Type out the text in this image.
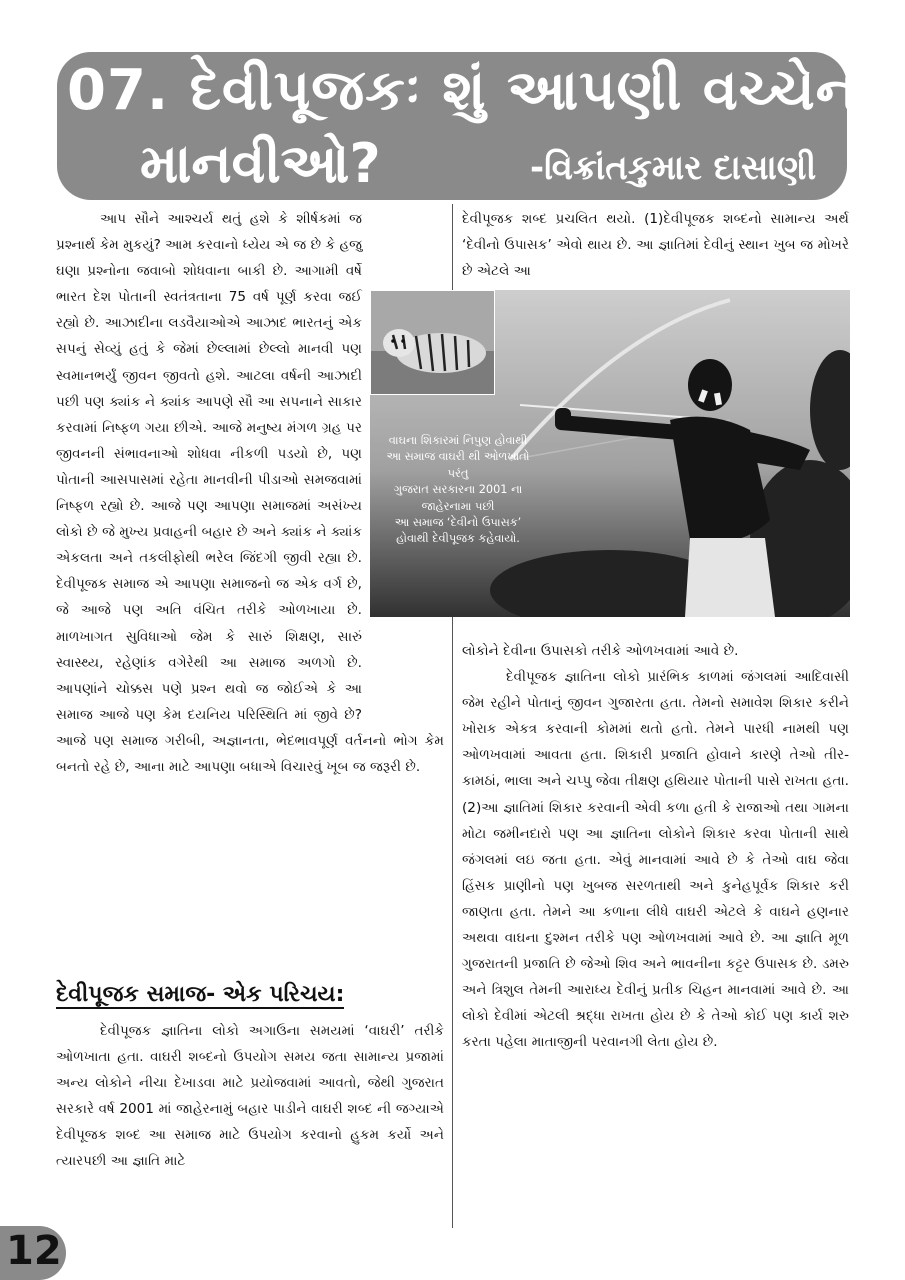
07. દેવીપૂજકઃ શું આપણી વચ્ચેના
માનવીઓ?	-વિક્રાંતકુમાર દાસાણી

આપ સૌને આશ્ચર્ય થતું હશે કે શીર્ષકમાં જ પ્રશ્નાર્થ કેમ મુકયું? આમ કરવાનો ધ્યેય એ જ છે કે હજુ ઘણા પ્રશ્નોના જવાબો શોધવાના બાકી છે. આગામી વર્ષે ભારત દેશ પોતાની સ્વતંત્રતાના 75 વર્ષ પૂર્ણ કરવા જઈ રહ્યો છે. આઝાદીના લડવૈયાઓએ આઝાદ ભારતનું એક સપનું સેવ્યું હતું કે જેમાં છેલ્લામાં છેલ્લો માનવી પણ સ્વમાનભર્યું જીવન જીવતો હશે. આટલા વર્ષની આઝાદી પછી પણ ક્યાંક ને ક્યાંક આપણે સૌ આ સપનાને સાકાર કરવામાં નિષ્ફળ ગયા છીએ. આજે મનુષ્ય મંગળ ગ્રહ પર જીવનની સંભાવનાઓ શોધવા નીકળી પડયો છે, પણ પોતાની આસપાસમાં રહેતા માનવીની પીડાઓ સમજવામાં નિષ્ફળ રહ્યો છે. આજે પણ આપણા સમાજમાં અસંખ્ય લોકો છે જે મુખ્ય પ્રવાહની બહાર છે અને ક્યાંક ને ક્યાંક એકલતા અને તકલીફોથી ભરેલ જિંદગી જીવી રહ્યા છે. દેવીપૂજક સમાજ એ આપણા સમાજનો જ એક વર્ગ છે, જે આજે પણ અતિ વંચિત તરીકે ઓળખાયા છે. માળખાગત સુવિધાઓ જેમ કે સારું શિક્ષણ, સારું સ્વાસ્થ્ય, રહેણાંક વગેરેથી આ સમાજ અળગો છે. આપણાંને ચોક્કસ પણે પ્રશ્ન થવો જ જોઈએ કે આ સમાજ આજે પણ કેમ દયનિય પરિસ્થિતિ માં જીવે છે? આજે પણ સમાજ ગરીબી, અજ્ઞાનતા, ભેદભાવપૂર્ણ વર્તનનો ભોગ કેમ બનતો રહે છે, આના માટે આપણા બધાએ વિચારવું ખૂબ જ જરૂરી છે.

દેવીપૂજક સમાજ- એક પરિચય:

દેવીપૂજક જ્ઞાતિના લોકો અગાઉના સમયમાં ‘વાઘરી’ તરીકે ઓળખાતા હતા. વાઘરી શબ્દનો ઉપયોગ સમય જતા સામાન્ય પ્રજામાં અન્ય લોકોને નીચા દેખાડવા માટે પ્રયોજવામાં આવતો, જેથી ગુજરાત સરકારે વર્ષ 2001 માં જાહેરનામું બહાર પાડીને વાઘરી શબ્દ ની જગ્યાએ દેવીપૂજક શબ્દ આ સમાજ માટે ઉપયોગ કરવાનો હુકમ કર્યો અને ત્યારપછી આ જ્ઞાતિ માટે

દેવીપૂજક શબ્દ પ્રચલિત થયો. (1)દેવીપૂજક શબ્દનો સામાન્ય અર્થ ‘દેવીનો ઉપાસક’ એવો થાય છે. આ જ્ઞાતિમાં દેવીનું સ્થાન ખુબ જ મોખરે છે એટલે આ

લોકોને દેવીના ઉપાસકો તરીકે ઓળખવામાં આવે છે.

દેવીપૂજક જ્ઞાતિના લોકો પ્રારંભિક કાળમાં જંગલમાં આદિવાસી જેમ રહીને પોતાનું જીવન ગુજારતા હતા. તેમનો સમાવેશ શિકાર કરીને ખોરાક એકત્ર કરવાની કોમમાં થતો હતો. તેમને પારધી નામથી પણ ઓળખવામાં આવતા હતા. શિકારી પ્રજાતિ હોવાને કારણે તેઓ તીર-કામઠાં, ભાલા અને ચપ્પુ જેવા તીક્ષણ હથિયાર પોતાની પાસે રાખતા હતા. (2)આ જ્ઞાતિમાં શિકાર કરવાની એવી કળા હતી કે રાજાઓ તથા ગામના મોટા જમીનદારો પણ આ જ્ઞાતિના લોકોને શિકાર કરવા પોતાની સાથે જંગલમાં લઇ જતા હતા. એવું માનવામાં આવે છે કે તેઓ વાઘ જેવા હિંસક પ્રાણીનો પણ ખુબજ સરળતાથી અને કુનેહપૂર્વક શિકાર કરી જાણતા હતા. તેમને આ કળાના લીધે વાઘરી એટલે કે વાઘને હણનાર અથવા વાઘના દુશ્મન તરીકે પણ ઓળખવામાં આવે છે. આ જ્ઞાતિ મૂળ ગુજરાતની પ્રજાતિ છે જેઓ શિવ અને ભાવનીના કટ્ટર ઉપાસક છે. ડમરુ અને ત્રિશુલ તેમની આરાધ્ય દેવીનું પ્રતીક ચિહન માનવામાં આવે છે. આ લોકો દેવીમાં એટલી શ્રદ્ધા રાખતા હોય છે કે તેઓ કોઈ પણ કાર્ય શરુ કરતા પહેલા માતાજીની પરવાનગી લેતા હોય છે.

વાઘના શિકારમાં નિપુણ હોવાથી
આ સમાજ વાઘરી થી ઓળખાતો
પરંતુ
ગુજરાત સરકારના 2001 ના
જાહેરનામા પછી
આ સમાજ ‘દેવીનો ઉપાસક’
હોવાથી દેવીપૂજક કહેવાયો.
12
